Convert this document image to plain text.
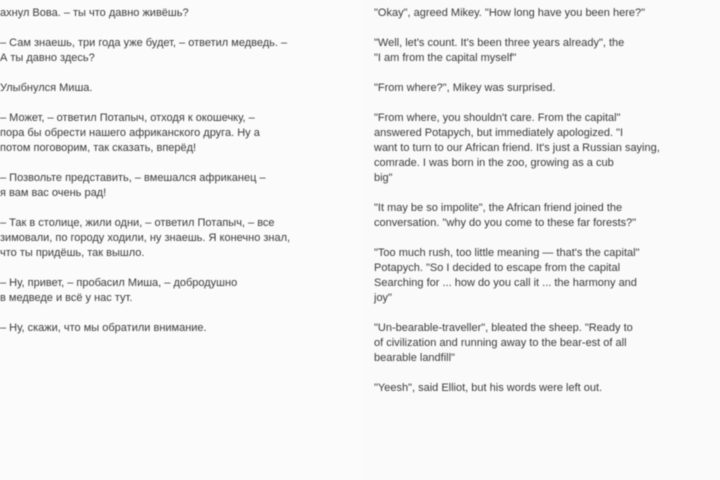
ахнул Вова. – ты что давно живёшь?

– Сам знаешь, три года уже будет, – ответил медведь. –
А ты давно здесь?

Улыбнулся Миша.

– Может, – ответил Потапыч, отходя к окошечку, –
пора бы обрести нашего африканского друга. Ну а
потом поговорим, так сказать, вперёд!

– Позвольте представить, – вмешался африканец –
я вам вас очень рад!

– Так в столице, жили одни, – ответил Потапыч, – все
зимовали, по городу ходили, ну знаешь. Я конечно знал,
что ты придёшь, так вышло.

– Ну, привет, – пробасил Миша, – добродушно
в медведе и всё у нас тут.

– Ну, скажи, что мы обратили внимание.

"Okay", agreed Mikey. "How long have you been here?"

"Well, let's count. It's been three years already", the
"I am from the capital myself"

"From where?", Mikey was surprised.

"From where, you shouldn't care. From the capital"
answered Potapych, but immediately apologized. "I
want to turn to our African friend. It's just a Russian saying,
comrade. I was born in the zoo, growing as a cub
big"

"It may be so impolite", the African friend joined the
conversation. "why do you come to these far forests?"

"Too much rush, too little meaning — that's the capital"
Potapych. "So I decided to escape from the capital
Searching for ... how do you call it ... the harmony and
joy"

"Un-bearable-traveller", bleated the sheep. "Ready to
of civilization and running away to the bear-est of all
bearable landfill"

"Yeesh", said Elliot, but his words were left out.
